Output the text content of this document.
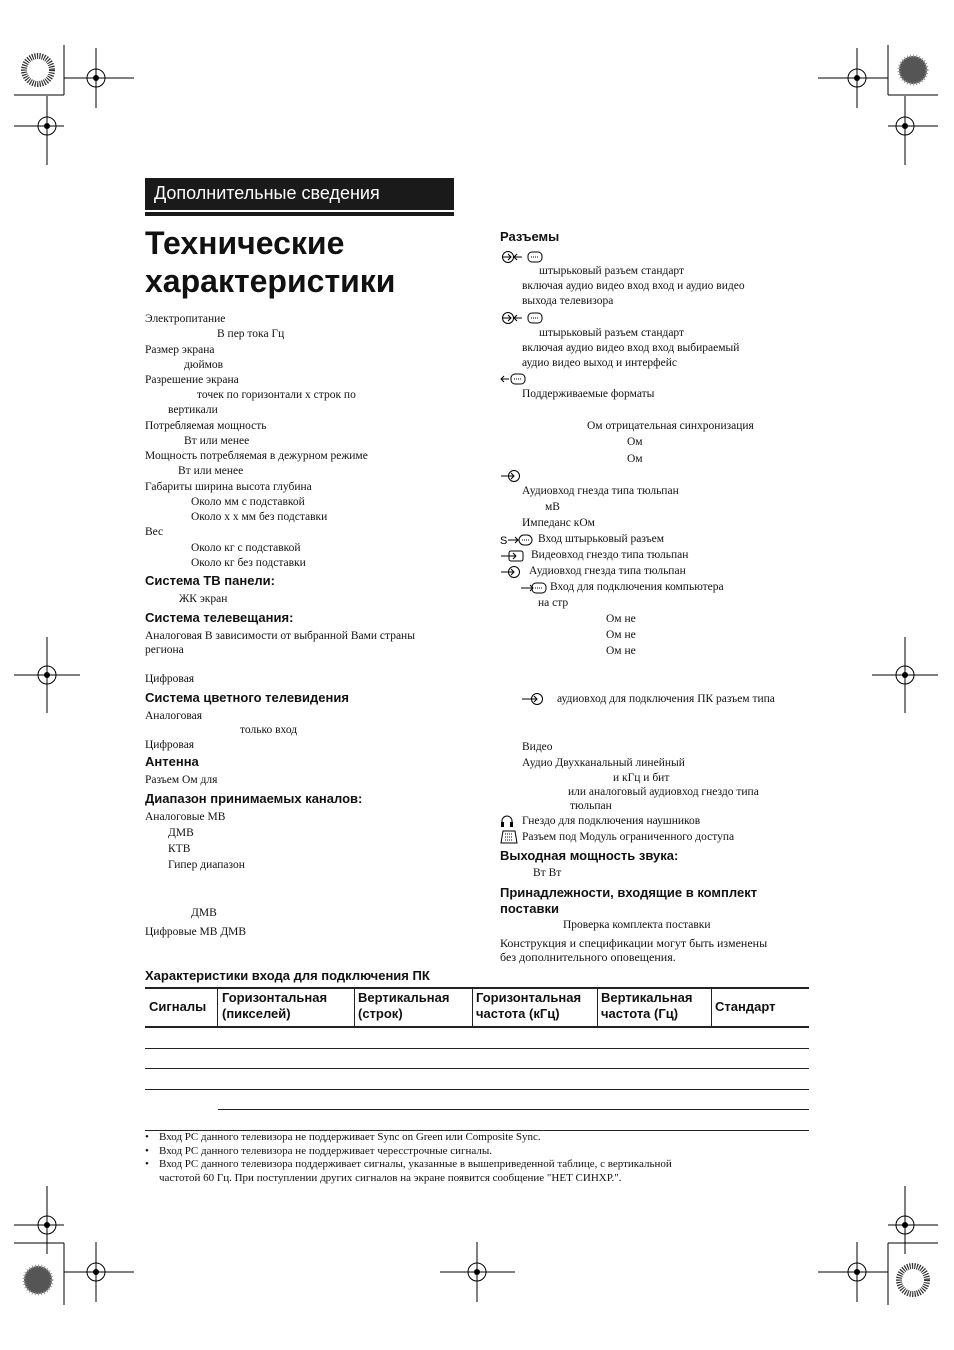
Дополнительные сведения
Технические
характеристики
Электропитание
В пер тока Гц
Размер экрана
дюймов
Разрешение экрана
точек по горизонтали x строк по
вертикали
Потребляемая мощность
Вт или менее
Мощность потребляемая в дежурном режиме
Вт или менее
Габариты ширина высота глубина
Около мм с подставкой
Около x x мм без подставки
Вес
Около кг с подставкой
Около кг без подставки
Система ТВ панели:
ЖК экран
Система телевещания:
Аналоговая В зависимости от выбранной Вами страны
региона
Цифровая
Система цветного телевидения
Аналоговая
только вход
Цифровая
Антенна
Разъем Ом для
Диапазон принимаемых каналов:
Аналоговые МВ
ДМВ
КТВ
Гипер диапазон
ДМВ
Цифровые МВ ДМВ
Разъемы
штырьковый разъем стандарт
включая аудио видео вход вход и аудио видео
выхода телевизора
штырьковый разъем стандарт
включая аудио видео вход вход выбираемый
аудио видео выход и интерфейс
Поддерживаемые форматы
Ом отрицательная синхронизация
Ом
Ом
Аудиовход гнезда типа тюльпан
мВ
Импеданс кОм
S	Вход штырьковый разъем
Видеовход гнездо типа тюльпан
Аудиовход гнезда типа тюльпан
Вход для подключения компьютера
на стр
Ом не
Ом не
Ом не
аудиовход для подключения ПК разъем типа
Видео
Аудио Двухканальный линейный
и кГц и бит
или аналоговый аудиовход гнездо типа
тюльпан
Гнездо для подключения наушников
Разъем под Модуль ограниченного доступа
Выходная мощность звука:
Вт Вт
Принадлежности, входящие в комплект
поставки
Проверка комплекта поставки
Конструкция и спецификации могут быть изменены
без дополнительного оповещения.
Характеристики входа для подключения ПК
Сигналы
Горизонтальная
(пикселей)
Вертикальная
(строк)
Горизонтальная
частота (кГц)
Вертикальная
частота (Гц)	Стандарт
• Вход PC данного телевизора не поддерживает Sync on Green или Composite Sync.
• Вход PC данного телевизора не поддерживает чересстрочные сигналы.
• Вход PC данного телевизора поддерживает сигналы, указанные в вышеприведенной таблице, с вертикальной
частотой 60 Гц. При поступлении других сигналов на экране появится сообщение "НЕТ СИНХР.".
